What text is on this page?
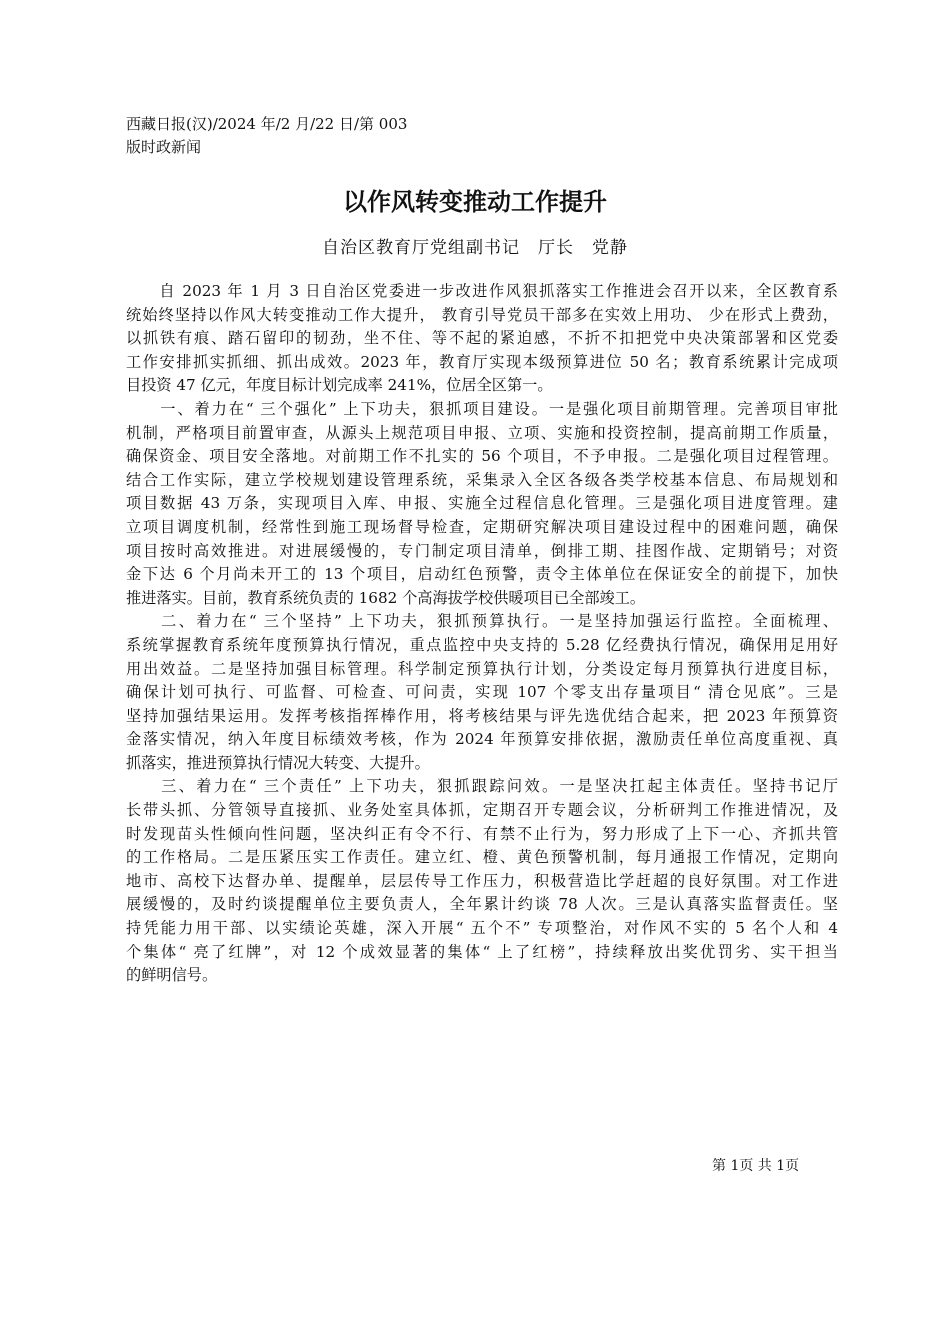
西藏日报(汉)/2024 年/2 月/22 日/第 003
版时政新闻
以作风转变推动工作提升
自治区教育厅党组副书记　厅长　党静
　　自 2023 年 1 月 3 日自治区党委进一步改进作风狠抓落实工作推进会召开以来，全区教育系
统始终坚持以作风大转变推动工作大提升， 教育引导党员干部多在实效上用功、 少在形式上费劲，
以抓铁有痕、踏石留印的韧劲，坐不住、等不起的紧迫感，不折不扣把党中央决策部署和区党委
工作安排抓实抓细、抓出成效。2023 年，教育厅实现本级预算进位 50 名；教育系统累计完成项
目投资 47 亿元，年度目标计划完成率 241%，位居全区第一。
　　一、着力在“ 三个强化” 上下功夫，狠抓项目建设。一是强化项目前期管理。完善项目审批
机制，严格项目前置审查，从源头上规范项目申报、立项、实施和投资控制，提高前期工作质量，
确保资金、项目安全落地。对前期工作不扎实的 56 个项目，不予申报。二是强化项目过程管理。
结合工作实际，建立学校规划建设管理系统，采集录入全区各级各类学校基本信息、布局规划和
项目数据 43 万条，实现项目入库、申报、实施全过程信息化管理。三是强化项目进度管理。建
立项目调度机制，经常性到施工现场督导检查，定期研究解决项目建设过程中的困难问题，确保
项目按时高效推进。对进展缓慢的，专门制定项目清单，倒排工期、挂图作战、定期销号；对资
金下达 6 个月尚未开工的 13 个项目，启动红色预警，责令主体单位在保证安全的前提下，加快
推进落实。目前，教育系统负责的 1682 个高海拔学校供暖项目已全部竣工。
　　二、着力在“ 三个坚持” 上下功夫，狠抓预算执行。一是坚持加强运行监控。全面梳理、
系统掌握教育系统年度预算执行情况，重点监控中央支持的 5.28 亿经费执行情况，确保用足用好
用出效益。二是坚持加强目标管理。科学制定预算执行计划，分类设定每月预算执行进度目标，
确保计划可执行、可监督、可检查、可问责，实现 107 个零支出存量项目“ 清仓见底”。三是
坚持加强结果运用。发挥考核指挥棒作用，将考核结果与评先选优结合起来，把 2023 年预算资
金落实情况，纳入年度目标绩效考核，作为 2024 年预算安排依据，激励责任单位高度重视、真
抓落实，推进预算执行情况大转变、大提升。
　　三、着力在“ 三个责任” 上下功夫，狠抓跟踪问效。一是坚决扛起主体责任。坚持书记厅
长带头抓、分管领导直接抓、业务处室具体抓，定期召开专题会议，分析研判工作推进情况，及
时发现苗头性倾向性问题，坚决纠正有令不行、有禁不止行为，努力形成了上下一心、齐抓共管
的工作格局。二是压紧压实工作责任。建立红、橙、黄色预警机制，每月通报工作情况，定期向
地市、高校下达督办单、提醒单，层层传导工作压力，积极营造比学赶超的良好氛围。对工作进
展缓慢的，及时约谈提醒单位主要负责人，全年累计约谈 78 人次。三是认真落实监督责任。坚
持凭能力用干部、以实绩论英雄，深入开展“ 五个不” 专项整治，对作风不实的 5 名个人和 4
个集体“ 亮了红牌”，对 12 个成效显著的集体“ 上了红榜”，持续释放出奖优罚劣、实干担当
的鲜明信号。
第 1页 共 1页
